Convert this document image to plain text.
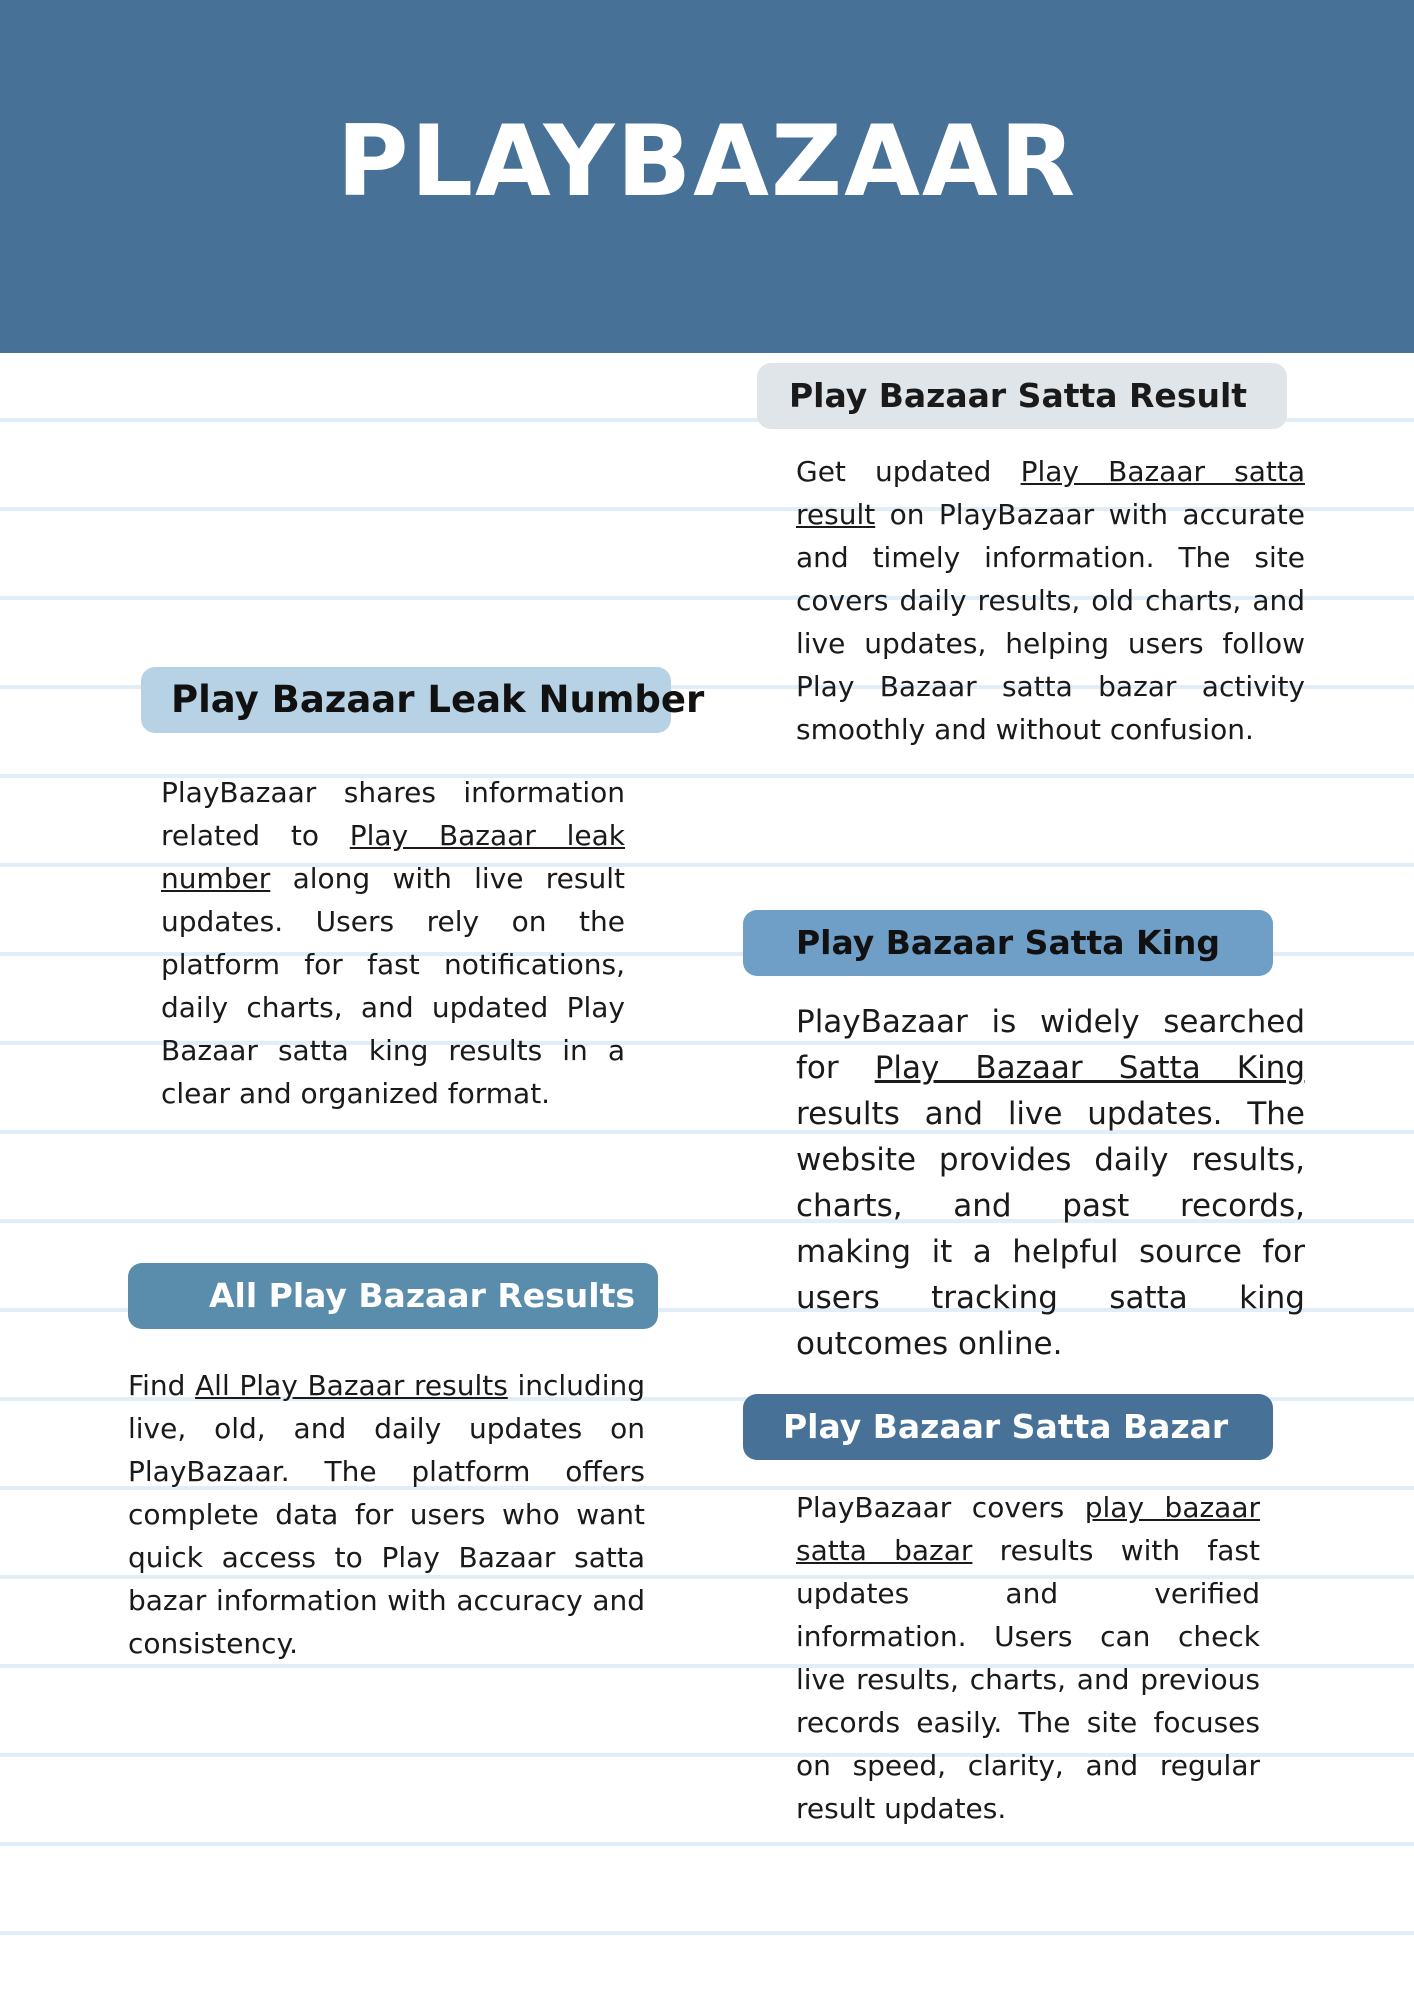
PLAYBAZAAR
Play Bazaar Satta Result

Get updated Play Bazaar satta result on PlayBazaar with accurate and timely information. The site covers daily results, old charts, and live updates, helping users follow Play Bazaar satta bazar activity smoothly and without confusion.

Play Bazaar Leak Number

PlayBazaar shares information related to Play Bazaar leak number along with live result updates. Users rely on the platform for fast notifications, daily charts, and updated Play Bazaar satta king results in a clear and organized format.

Play Bazaar Satta King

PlayBazaar is widely searched for Play Bazaar Satta King results and live updates. The website provides daily results, charts, and past records, making it a helpful source for users tracking satta king outcomes online.

All Play Bazaar Results

Find All Play Bazaar results including live, old, and daily updates on PlayBazaar. The platform offers complete data for users who want quick access to Play Bazaar satta bazar information with accuracy and consistency.

Play Bazaar Satta Bazar

PlayBazaar covers play bazaar satta bazar results with fast updates and verified information. Users can check live results, charts, and previous records easily. The site focuses on speed, clarity, and regular result updates.
